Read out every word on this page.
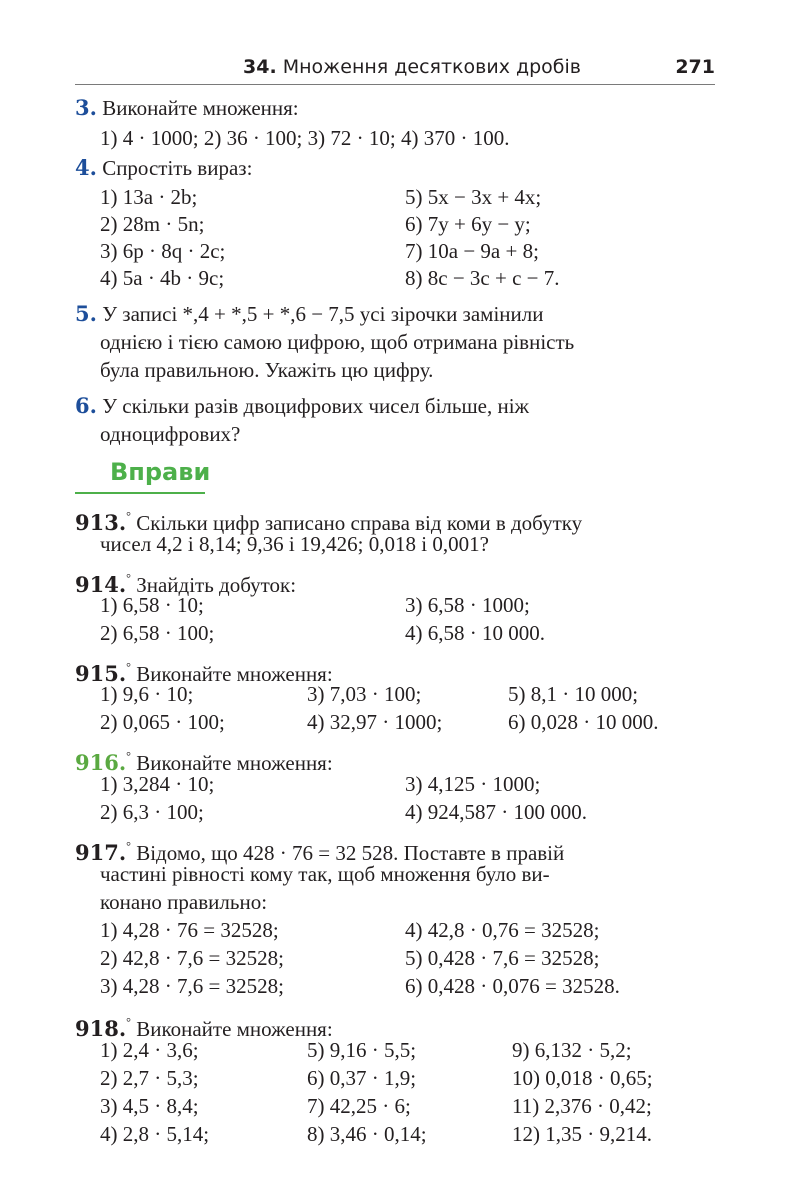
34. Множення десяткових дробів	271
3. Виконайте множення:
1) 4 · 1000; 2) 36 · 100; 3) 72 · 10; 4) 370 · 100.
4. Спростіть вираз:
1) 13a · 2b;
2) 28m · 5n;
3) 6p · 8q · 2c;
4) 5a · 4b · 9c;
5) 5x − 3x + 4x;
6) 7y + 6y − y;
7) 10a − 9a + 8;
8) 8c − 3c + c − 7.
5. У записі *,4 + *,5 + *,6 − 7,5 усі зірочки замінили
однією і тією самою цифрою, щоб отримана рівність
була правильною. Укажіть цю цифру.
6. У скільки разів двоцифрових чисел більше, ніж
одноцифрових?
Вправи
913.° Скільки цифр записано справа від коми в добутку
чисел 4,2 і 8,14; 9,36 і 19,426; 0,018 і 0,001?
914.° Знайдіть добуток:
1) 6,58 · 10;
2) 6,58 · 100;
3) 6,58 · 1000;
4) 6,58 · 10 000.
915.° Виконайте множення:
1) 9,6 · 10;
2) 0,065 · 100;
3) 7,03 · 100;
4) 32,97 · 1000;
5) 8,1 · 10 000;
6) 0,028 · 10 000.
916.° Виконайте множення:
1) 3,284 · 10;
2) 6,3 · 100;
3) 4,125 · 1000;
4) 924,587 · 100 000.
917.° Відомо, що 428 · 76 = 32 528. Поставте в правій
частині рівності кому так, щоб множення було ви-
конано правильно:
1) 4,28 · 76 = 32528;
2) 42,8 · 7,6 = 32528;
3) 4,28 · 7,6 = 32528;
4) 42,8 · 0,76 = 32528;
5) 0,428 · 7,6 = 32528;
6) 0,428 · 0,076 = 32528.
918.° Виконайте множення:
1) 2,4 · 3,6;
2) 2,7 · 5,3;
3) 4,5 · 8,4;
4) 2,8 · 5,14;
5) 9,16 · 5,5;
6) 0,37 · 1,9;
7) 42,25 · 6;
8) 3,46 · 0,14;
9) 6,132 · 5,2;
10) 0,018 · 0,65;
11) 2,376 · 0,42;
12) 1,35 · 9,214.
